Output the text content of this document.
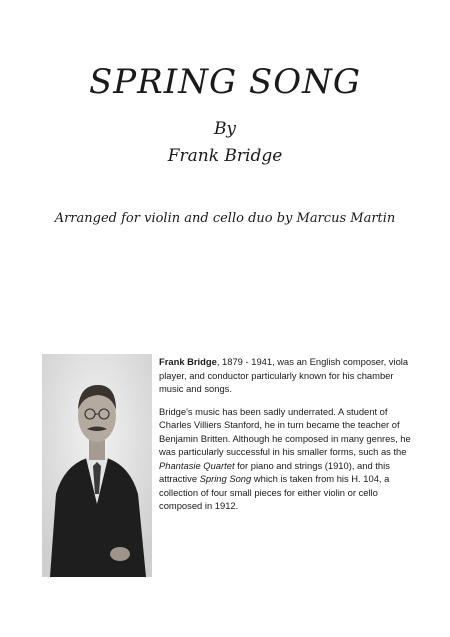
SPRING SONG
By
Frank Bridge
Arranged for violin and cello duo by Marcus Martin

Frank Bridge, 1879 - 1941, was an English composer, viola player, and conductor particularly known for his chamber music and songs.

Bridge's music has been sadly underrated. A student of Charles Villiers Stanford, he in turn became the teacher of Benjamin Britten. Although he composed in many genres, he was particularly successful in his smaller forms, such as the Phantasie Quartet for piano and strings (1910), and this attractive Spring Song which is taken from his H. 104, a collection of four small pieces for either violin or cello composed in 1912.
